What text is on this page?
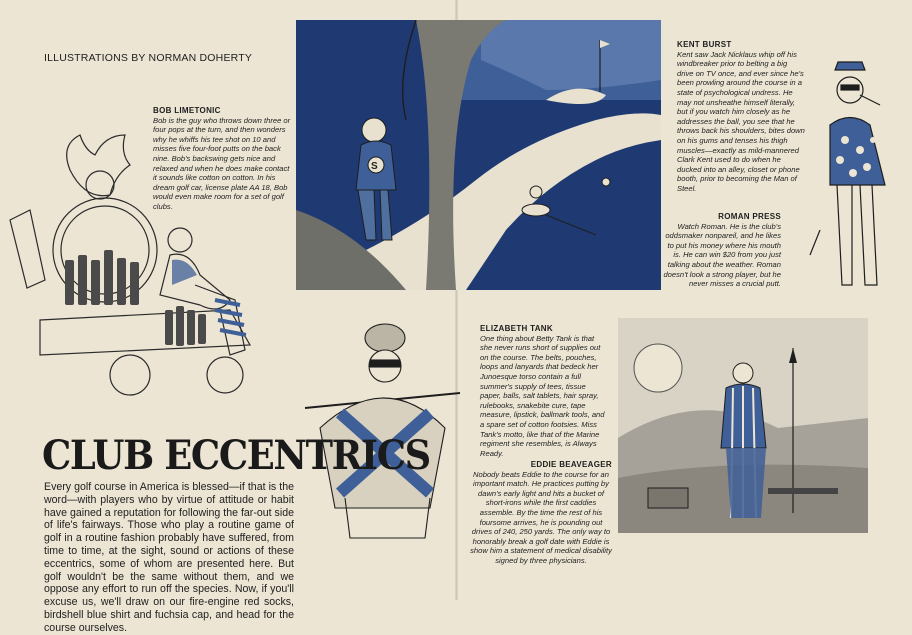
ILLUSTRATIONS BY NORMAN DOHERTY
BOB LIMETONIC
Bob is the guy who throws down three or four pops at the turn, and then wonders why he whiffs his tee shot on 10 and misses five four-foot putts on the back nine. Bob's backswing gets nice and relaxed and when he does make contact it sounds like cotton on cotton. In his dream golf car, license plate AA 18, Bob would even make room for a set of golf clubs.
S
KENT BURST
Kent saw Jack Nicklaus whip off his windbreaker prior to belting a big drive on TV once, and ever since he's been prowling around the course in a state of psychological undress. He may not unsheathe himself literally, but if you watch him closely as he addresses the ball, you see that he throws back his shoulders, bites down on his gums and tenses his thigh muscles—exactly as mild-mannered Clark Kent used to do when he ducked into an alley, closet or phone booth, prior to becoming the Man of Steel.
ROMAN PRESS
Watch Roman. He is the club's oddsmaker nonpareil, and he likes to put his money where his mouth is. He can win $20 from you just talking about the weather. Roman doesn't look a strong player, but he never misses a crucial putt.
ELIZABETH TANK
One thing about Betty Tank is that she never runs short of supplies out on the course. The belts, pouches, loops and lanyards that bedeck her Junoesque torso contain a full summer's supply of tees, tissue paper, balls, salt tablets, hair spray, rulebooks, snakebite cure, tape measure, lipstick, ballmark tools, and a spare set of cotton footsies. Miss Tank's motto, like that of the Marine regiment she resembles, is Always Ready.
EDDIE BEAVEAGER
Nobody beats Eddie to the course for an important match. He practices putting by dawn's early light and hits a bucket of short-irons while the first caddies assemble. By the time the rest of his foursome arrives, he is pounding out drives of 240, 250 yards. The only way to honorably break a golf date with Eddie is show him a statement of medical disability signed by three physicians.
CLUB ECCENTRICS
Every golf course in America is blessed—if that is the word—with players who by virtue of attitude or habit have gained a reputation for following the far-out side of life's fairways. Those who play a routine game of golf in a routine fashion probably have suffered, from time to time, at the sight, sound or actions of these eccentrics, some of whom are presented here. But golf wouldn't be the same without them, and we oppose any effort to run off the species. Now, if you'll excuse us, we'll draw on our fire-engine red socks, birdshell blue shirt and fuchsia cap, and head for the course ourselves.
